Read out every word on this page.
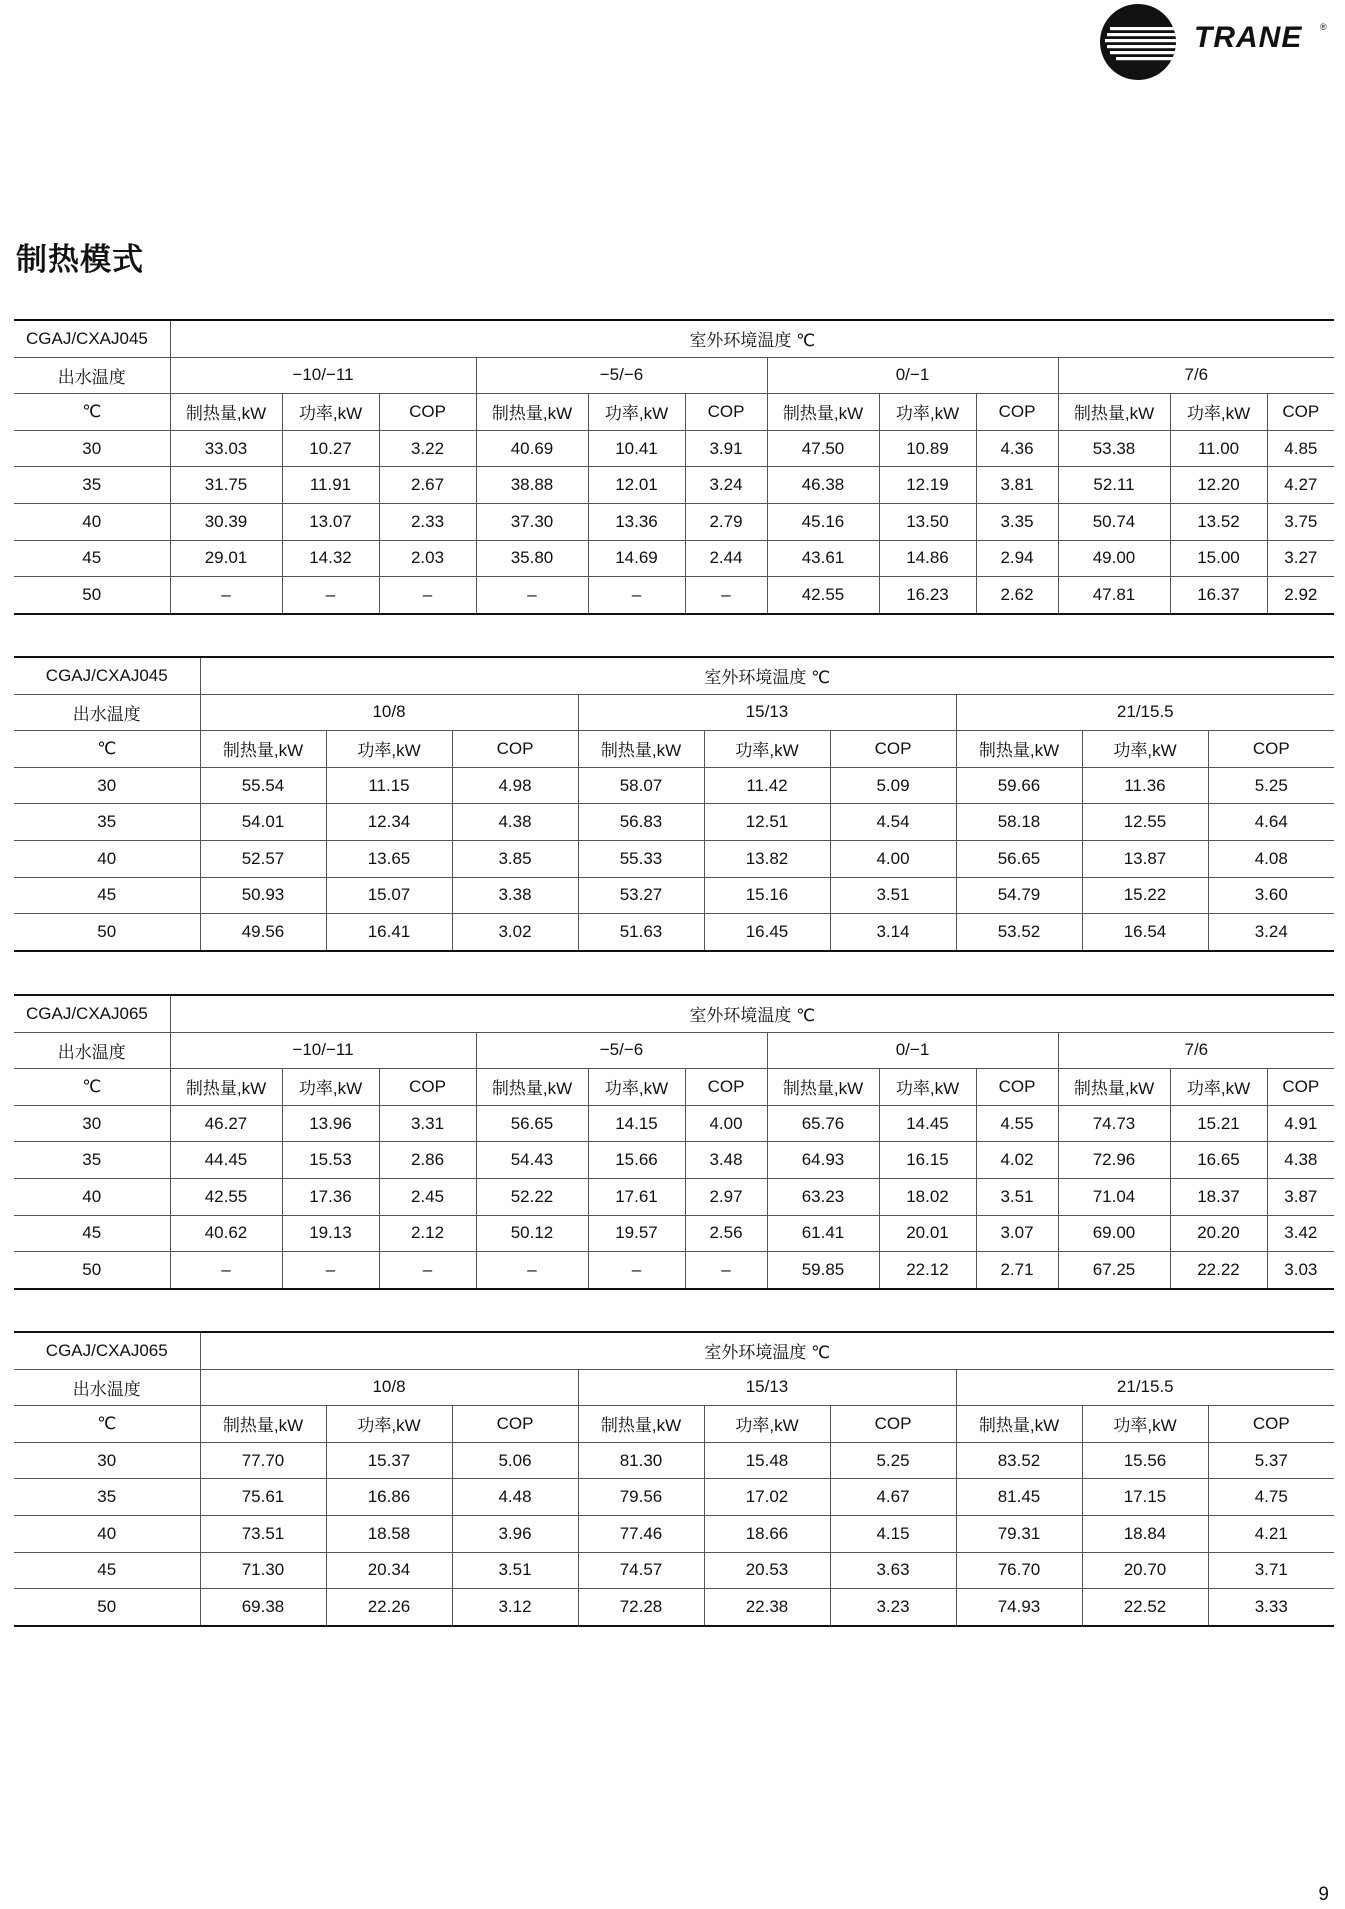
TRANE ®
制热模式
CGAJ/CXAJ045	室外环境温度 ℃											
出水温度	−10/−11			−5/−6			0/−1			7/6		
℃	制热量,kW	功率,kW	COP	制热量,kW	功率,kW	COP	制热量,kW	功率,kW	COP	制热量,kW	功率,kW	COP
30	33.03	10.27	3.22	40.69	10.41	3.91	47.50	10.89	4.36	53.38	11.00	4.85
35	31.75	11.91	2.67	38.88	12.01	3.24	46.38	12.19	3.81	52.11	12.20	4.27
40	30.39	13.07	2.33	37.30	13.36	2.79	45.16	13.50	3.35	50.74	13.52	3.75
45	29.01	14.32	2.03	35.80	14.69	2.44	43.61	14.86	2.94	49.00	15.00	3.27
50	–	–	–	–	–	–	42.55	16.23	2.62	47.81	16.37	2.92
CGAJ/CXAJ045	室外环境温度 ℃								
出水温度	10/8			15/13			21/15.5		
℃	制热量,kW	功率,kW	COP	制热量,kW	功率,kW	COP	制热量,kW	功率,kW	COP
30	55.54	11.15	4.98	58.07	11.42	5.09	59.66	11.36	5.25
35	54.01	12.34	4.38	56.83	12.51	4.54	58.18	12.55	4.64
40	52.57	13.65	3.85	55.33	13.82	4.00	56.65	13.87	4.08
45	50.93	15.07	3.38	53.27	15.16	3.51	54.79	15.22	3.60
50	49.56	16.41	3.02	51.63	16.45	3.14	53.52	16.54	3.24
CGAJ/CXAJ065	室外环境温度 ℃											
出水温度	−10/−11			−5/−6			0/−1			7/6		
℃	制热量,kW	功率,kW	COP	制热量,kW	功率,kW	COP	制热量,kW	功率,kW	COP	制热量,kW	功率,kW	COP
30	46.27	13.96	3.31	56.65	14.15	4.00	65.76	14.45	4.55	74.73	15.21	4.91
35	44.45	15.53	2.86	54.43	15.66	3.48	64.93	16.15	4.02	72.96	16.65	4.38
40	42.55	17.36	2.45	52.22	17.61	2.97	63.23	18.02	3.51	71.04	18.37	3.87
45	40.62	19.13	2.12	50.12	19.57	2.56	61.41	20.01	3.07	69.00	20.20	3.42
50	–	–	–	–	–	–	59.85	22.12	2.71	67.25	22.22	3.03
CGAJ/CXAJ065	室外环境温度 ℃								
出水温度	10/8			15/13			21/15.5		
℃	制热量,kW	功率,kW	COP	制热量,kW	功率,kW	COP	制热量,kW	功率,kW	COP
30	77.70	15.37	5.06	81.30	15.48	5.25	83.52	15.56	5.37
35	75.61	16.86	4.48	79.56	17.02	4.67	81.45	17.15	4.75
40	73.51	18.58	3.96	77.46	18.66	4.15	79.31	18.84	4.21
45	71.30	20.34	3.51	74.57	20.53	3.63	76.70	20.70	3.71
50	69.38	22.26	3.12	72.28	22.38	3.23	74.93	22.52	3.33
9
